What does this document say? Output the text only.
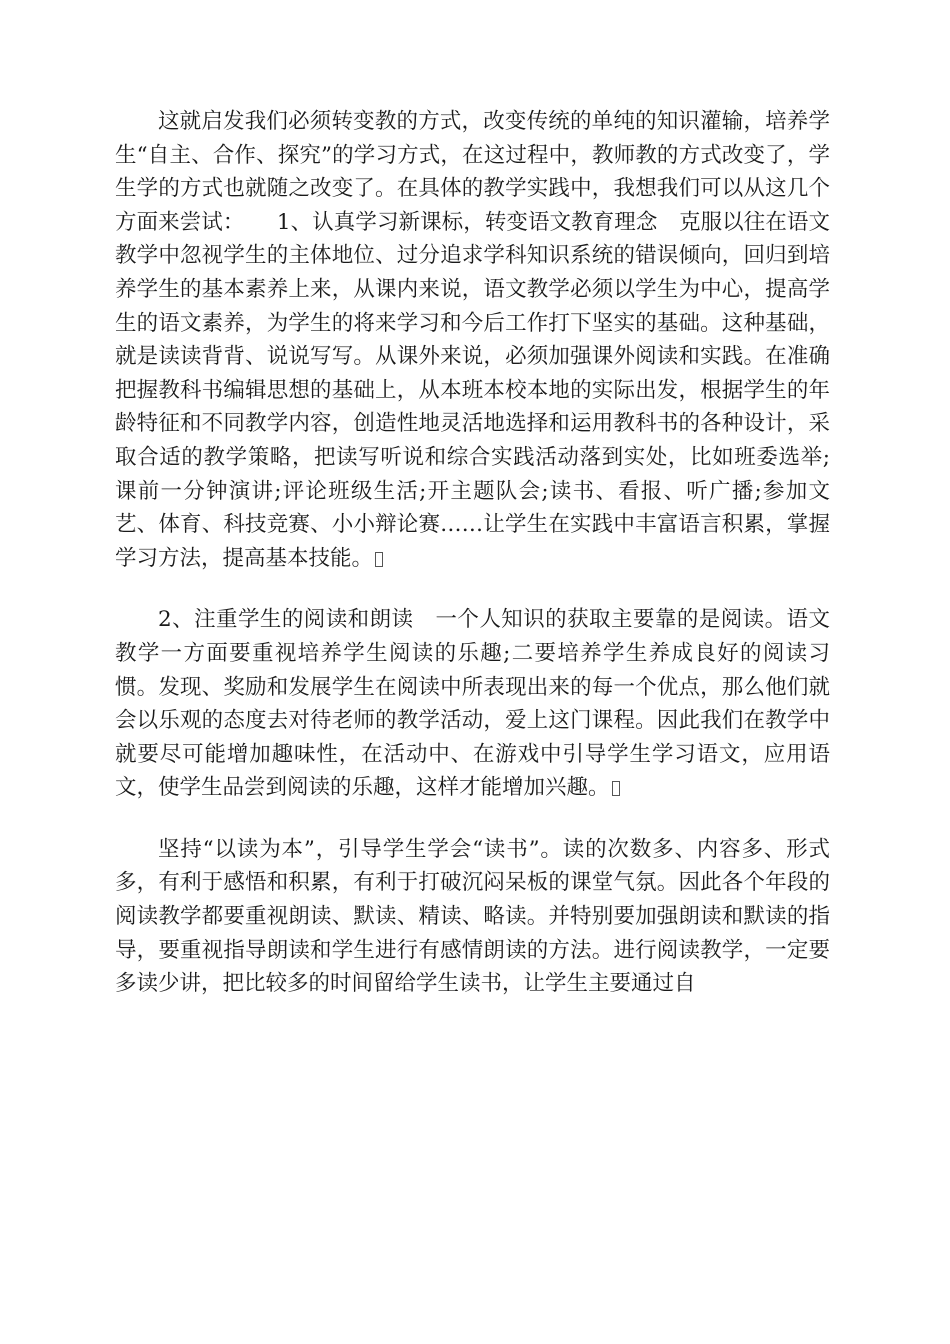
这就启发我们必须转变教的方式，改变传统的单纯的知识灌输，培养学生“自主、合作、探究”的学习方式，在这过程中，教师教的方式改变了，学生学的方式也就随之改变了。在具体的教学实践中，我想我们可以从这几个方面来尝试：　　1、认真学习新课标，转变语文教育理念　克服以往在语文教学中忽视学生的主体地位、过分追求学科知识系统的错误倾向，回归到培养学生的基本素养上来，从课内来说，语文教学必须以学生为中心，提高学生的语文素养，为学生的将来学习和今后工作打下坚实的基础。这种基础，就是读读背背、说说写写。从课外来说，必须加强课外阅读和实践。在准确把握教科书编辑思想的基础上，从本班本校本地的实际出发，根据学生的年龄特征和不同教学内容，创造性地灵活地选择和运用教科书的各种设计，采取合适的教学策略，把读写听说和综合实践活动落到实处，比如班委选举;课前一分钟演讲;评论班级生活;开主题队会;读书、看报、听广播;参加文艺、体育、科技竞赛、小小辩论赛……让学生在实践中丰富语言积累，掌握学习方法，提高基本技能。

2、注重学生的阅读和朗读　一个人知识的获取主要靠的是阅读。语文教学一方面要重视培养学生阅读的乐趣;二要培养学生养成良好的阅读习惯。发现、奖励和发展学生在阅读中所表现出来的每一个优点，那么他们就会以乐观的态度去对待老师的教学活动，爱上这门课程。因此我们在教学中就要尽可能增加趣味性，在活动中、在游戏中引导学生学习语文，应用语文，使学生品尝到阅读的乐趣，这样才能增加兴趣。

坚持“以读为本”，引导学生学会“读书”。读的次数多、内容多、形式多，有利于感悟和积累，有利于打破沉闷呆板的课堂气氛。因此各个年段的阅读教学都要重视朗读、默读、精读、略读。并特别要加强朗读和默读的指导，要重视指导朗读和学生进行有感情朗读的方法。进行阅读教学，一定要多读少讲，把比较多的时间留给学生读书，让学生主要通过自
